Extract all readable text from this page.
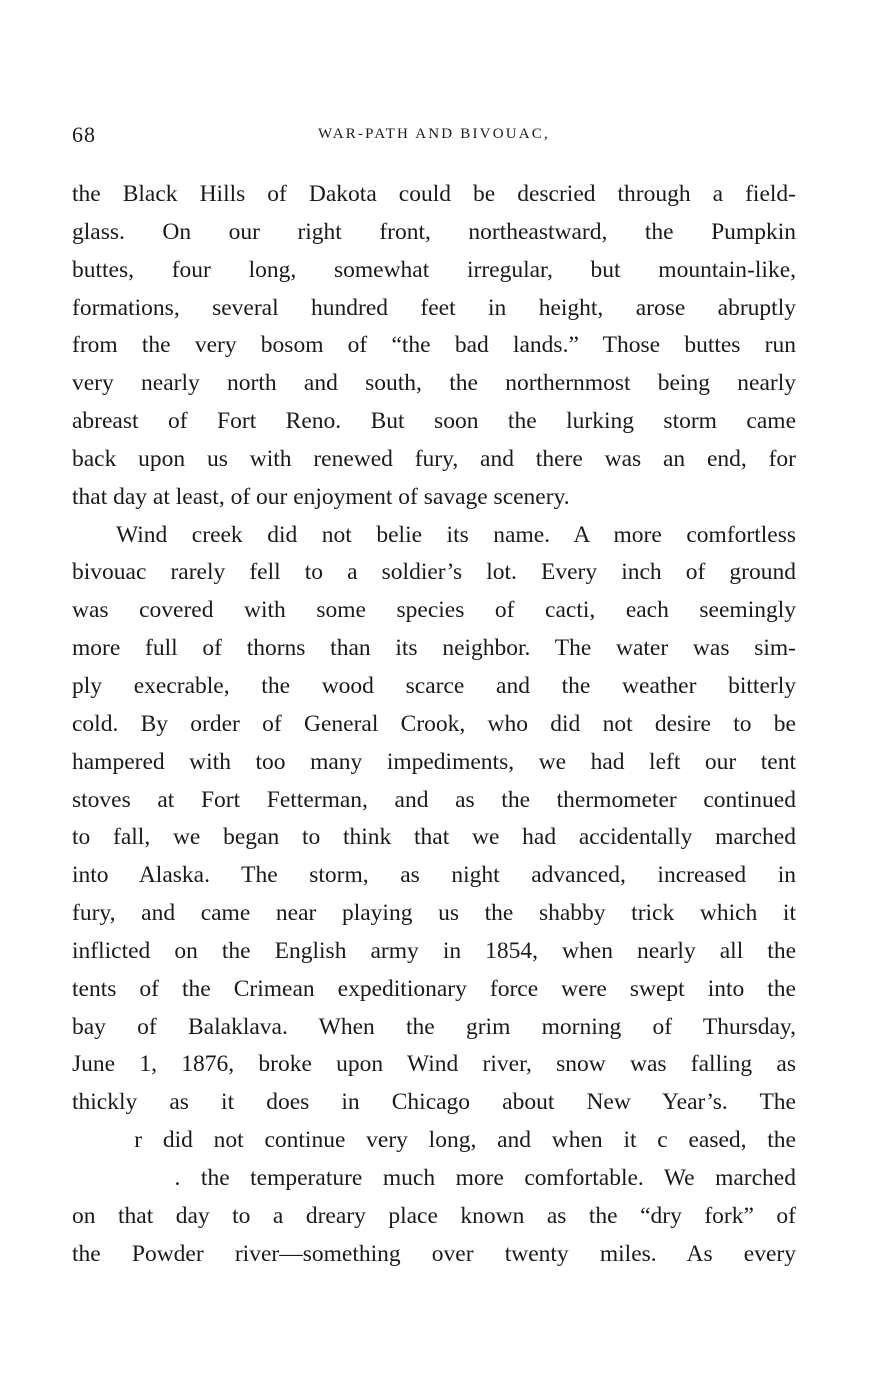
68	WAR-PATH AND BIVOUAC,
the Black Hills of Dakota could be descried through a field-
glass. On our right front, northeastward, the Pumpkin
buttes, four long, somewhat irregular, but mountain-like,
formations, several hundred feet in height, arose abruptly
from the very bosom of “the bad lands.” Those buttes run
very nearly north and south, the northernmost being nearly
abreast of Fort Reno. But soon the lurking storm came
back upon us with renewed fury, and there was an end, for
that day at least, of our enjoyment of savage scenery.
Wind creek did not belie its name. A more comfortless
bivouac rarely fell to a soldier’s lot. Every inch of ground
was covered with some species of cacti, each seemingly
more full of thorns than its neighbor. The water was sim-
ply execrable, the wood scarce and the weather bitterly
cold. By order of General Crook, who did not desire to be
hampered with too many impediments, we had left our tent
stoves at Fort Fetterman, and as the thermometer continued
to fall, we began to think that we had accidentally marched
into Alaska. The storm, as night advanced, increased in
fury, and came near playing us the shabby trick which it
inflicted on the English army in 1854, when nearly all the
tents of the Crimean expeditionary force were swept into the
bay of Balaklava. When the grim morning of Thursday,
June 1, 1876, broke upon Wind river, snow was falling as
thickly as it does in Chicago about New Year’s. The
r did not continue very long, and when it c eased, the
. the temperature much more comfortable. We marched
on that day to a dreary place known as the “dry fork” of
the Powder river—something over twenty miles. As every
